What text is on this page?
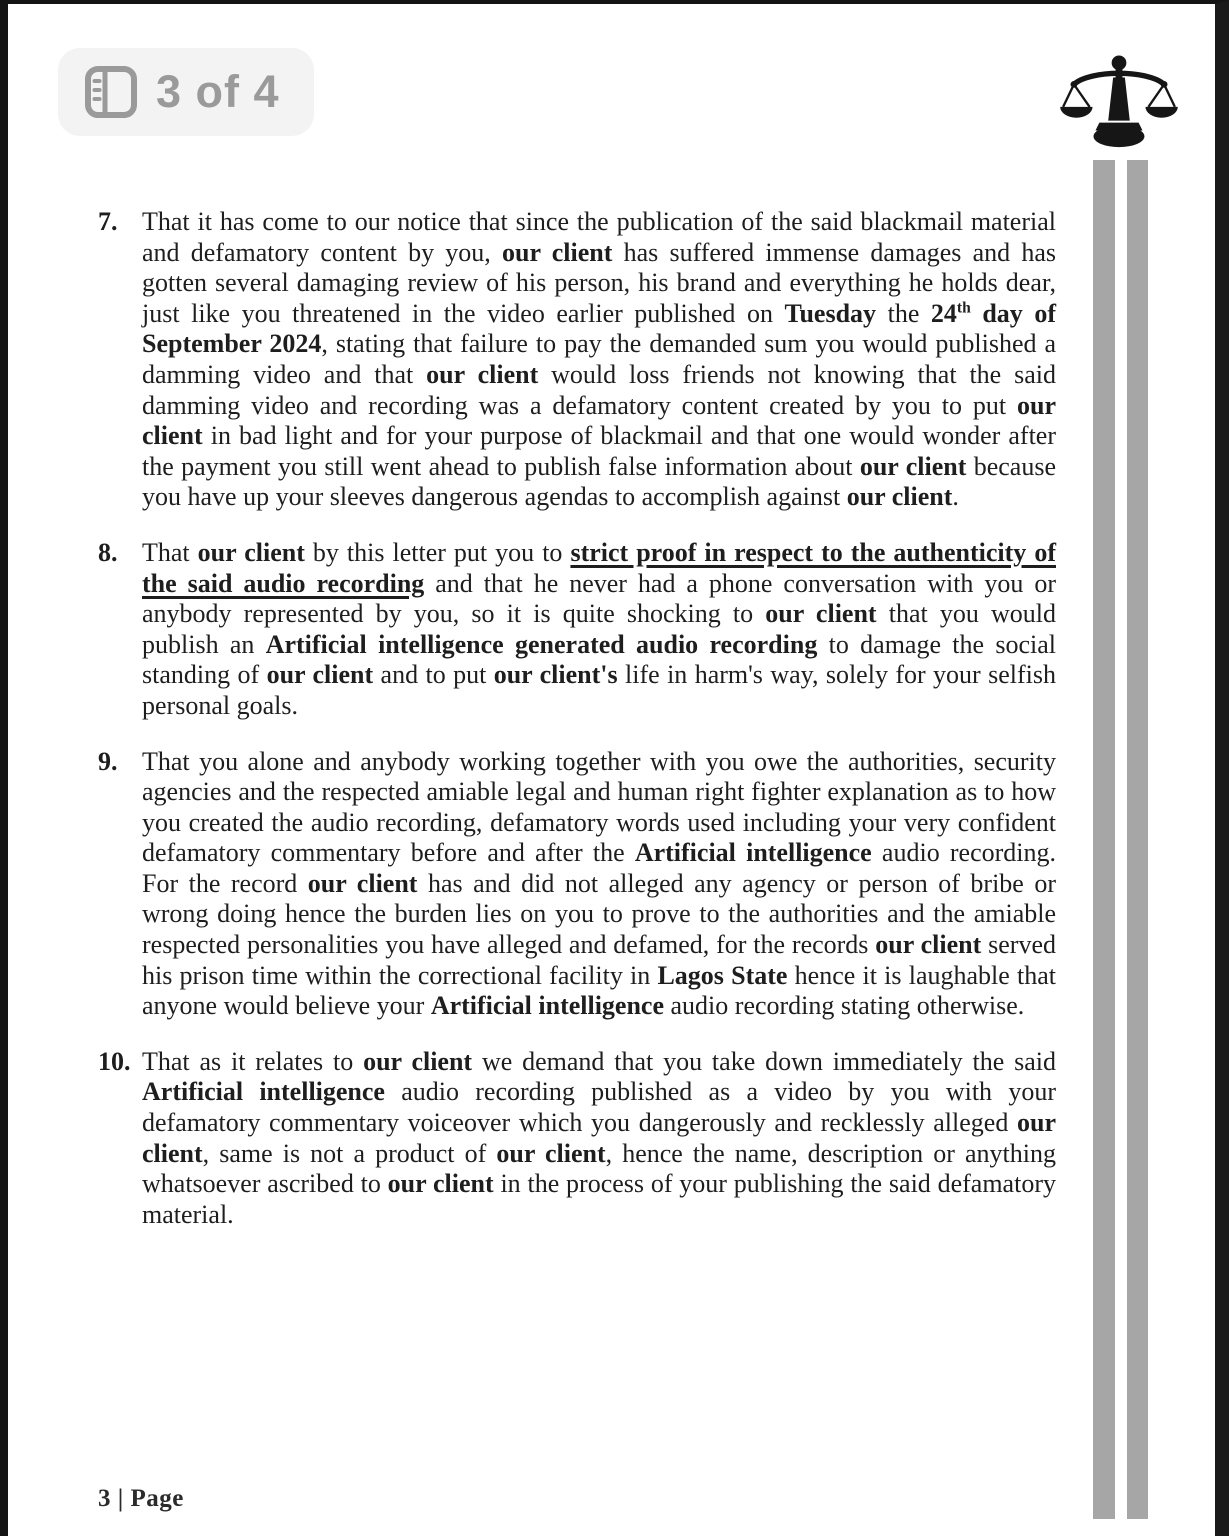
3 of 4
7. That it has come to our notice that since the publication of the said blackmail material and defamatory content by you, our client has suffered immense damages and has gotten several damaging review of his person, his brand and everything he holds dear, just like you threatened in the video earlier published on Tuesday the 24th day of September 2024, stating that failure to pay the demanded sum you would published a damming video and that our client would loss friends not knowing that the said damming video and recording was a defamatory content created by you to put our client in bad light and for your purpose of blackmail and that one would wonder after the payment you still went ahead to publish false information about our client because you have up your sleeves dangerous agendas to accomplish against our client.
8. That our client by this letter put you to strict proof in respect to the authenticity of the said audio recording and that he never had a phone conversation with you or anybody represented by you, so it is quite shocking to our client that you would publish an Artificial intelligence generated audio recording to damage the social standing of our client and to put our client's life in harm's way, solely for your selfish personal goals.
9. That you alone and anybody working together with you owe the authorities, security agencies and the respected amiable legal and human right fighter explanation as to how you created the audio recording, defamatory words used including your very confident defamatory commentary before and after the Artificial intelligence audio recording. For the record our client has and did not alleged any agency or person of bribe or wrong doing hence the burden lies on you to prove to the authorities and the amiable respected personalities you have alleged and defamed, for the records our client served his prison time within the correctional facility in Lagos State hence it is laughable that anyone would believe your Artificial intelligence audio recording stating otherwise.
10. That as it relates to our client we demand that you take down immediately the said Artificial intelligence audio recording published as a video by you with your defamatory commentary voiceover which you dangerously and recklessly alleged our client, same is not a product of our client, hence the name, description or anything whatsoever ascribed to our client in the process of your publishing the said defamatory material.
3 | Page
